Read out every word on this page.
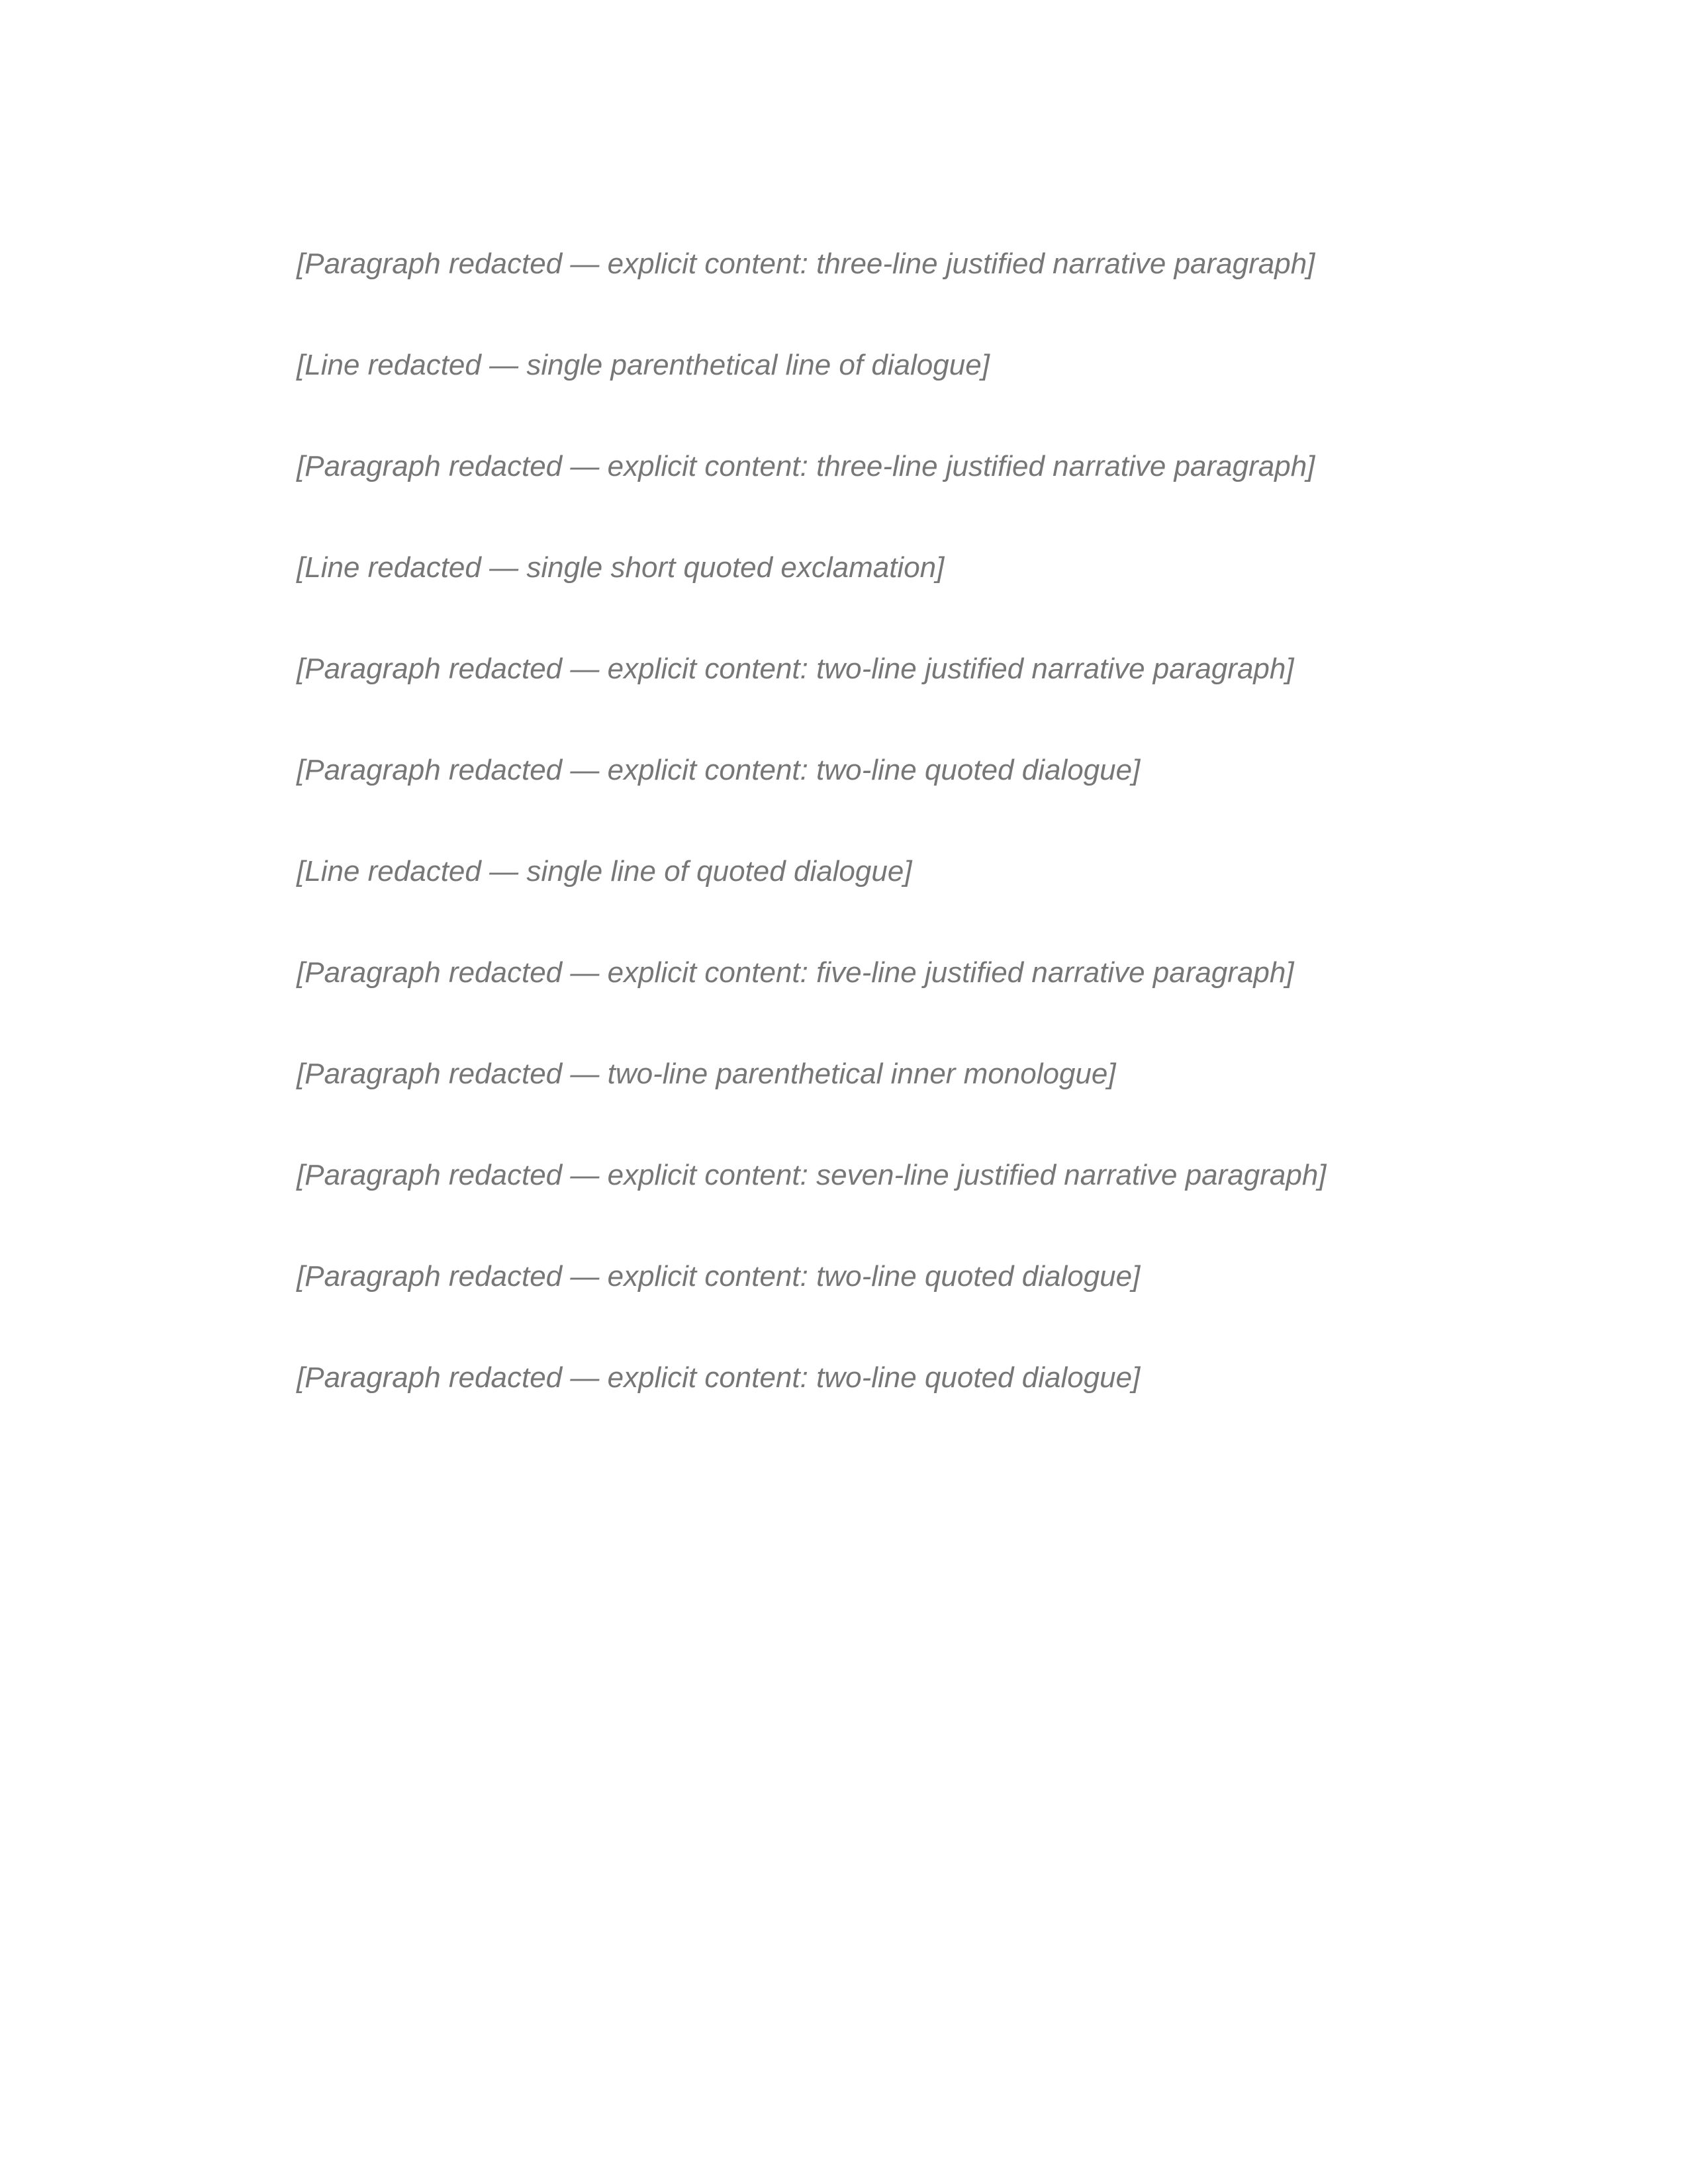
[Paragraph redacted — explicit content: three-line justified narrative paragraph]

[Line redacted — single parenthetical line of dialogue]

[Paragraph redacted — explicit content: three-line justified narrative paragraph]

[Line redacted — single short quoted exclamation]

[Paragraph redacted — explicit content: two-line justified narrative paragraph]

[Paragraph redacted — explicit content: two-line quoted dialogue]

[Line redacted — single line of quoted dialogue]

[Paragraph redacted — explicit content: five-line justified narrative paragraph]

[Paragraph redacted — two-line parenthetical inner monologue]

[Paragraph redacted — explicit content: seven-line justified narrative paragraph]

[Paragraph redacted — explicit content: two-line quoted dialogue]

[Paragraph redacted — explicit content: two-line quoted dialogue]
